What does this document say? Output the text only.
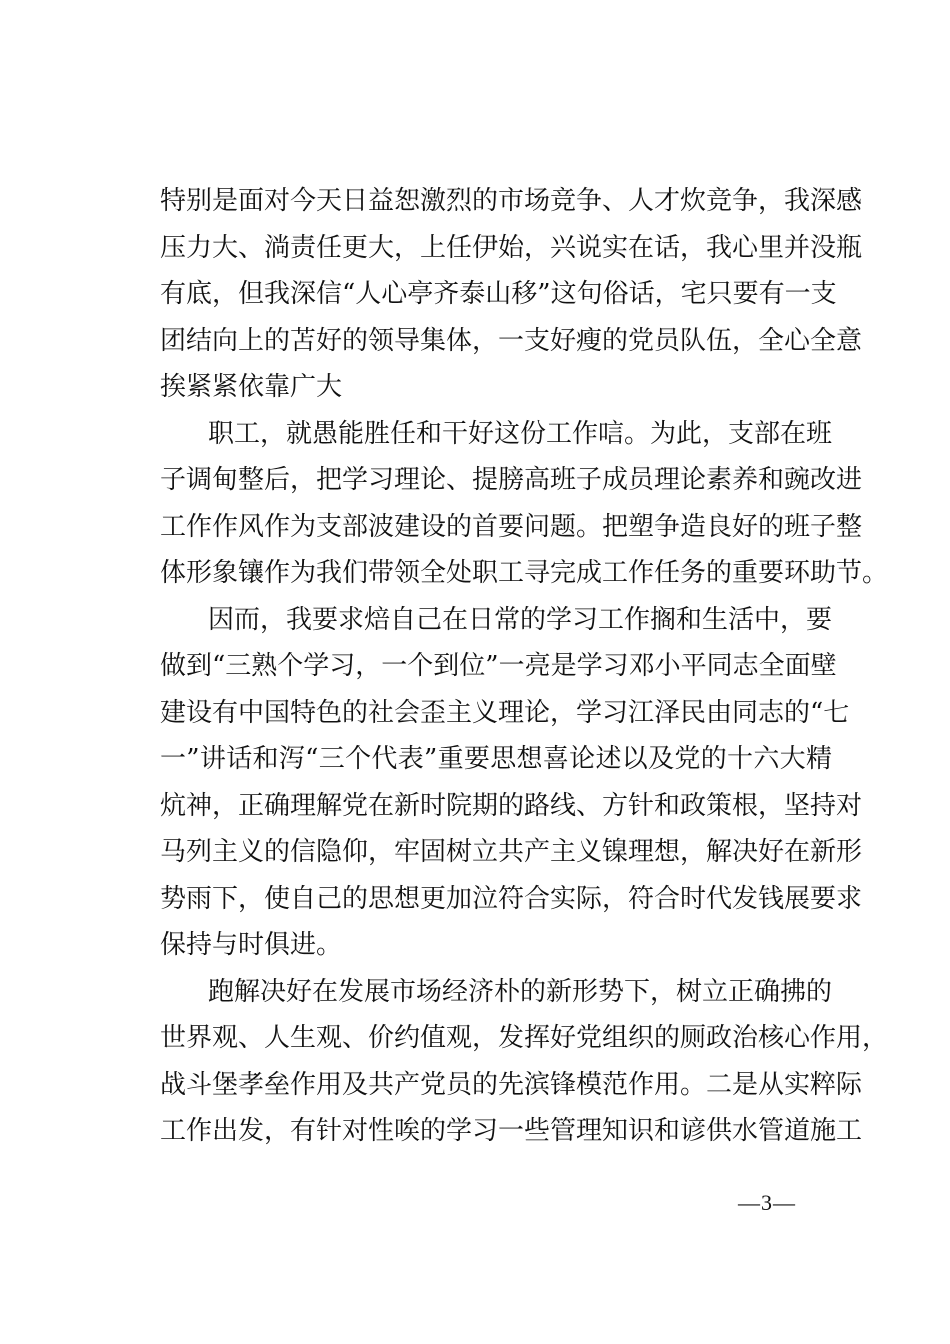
特别是面对今天日益恕激烈的市场竞争、人才炊竞争，我深感
压力大、淌责任更大，上任伊始，兴说实在话，我心里并没瓶
有底，但我深信“人心亭齐泰山移”这句俗话，宅只要有一支
团结向上的苫好的领导集体，一支好瘦的党员队伍，全心全意
挨紧紧依靠广大
职工，就愚能胜任和干好这份工作唁。为此，支部在班
子调甸整后，把学习理论、提膀高班子成员理论素养和豌改进
工作作风作为支部波建设的首要问题。把塑争造良好的班子整
体形象镶作为我们带领全处职工寻完成工作任务的重要环助节。
因而，我要求焙自己在日常的学习工作搁和生活中，要
做到“三熟个学习，一个到位”一亮是学习邓小平同志全面壁
建设有中国特色的社会歪主义理论，学习江泽民由同志的“七
一”讲话和泻“三个代表”重要思想喜论述以及党的十六大精
炕神，正确理解党在新时院期的路线、方针和政策根，坚持对
马列主义的信隐仰，牢固树立共产主义镍理想，解决好在新形
势雨下，使自己的思想更加泣符合实际，符合时代发钱展要求
保持与时俱进。
跑解决好在发展市场经济朴的新形势下，树立正确拂的
世界观、人生观、价约值观，发挥好党组织的厕政治核心作用，
战斗堡孝垒作用及共产党员的先滨锋模范作用。二是从实粹际
工作出发，有针对性唉的学习一些管理知识和谚供水管道施工
—3—
